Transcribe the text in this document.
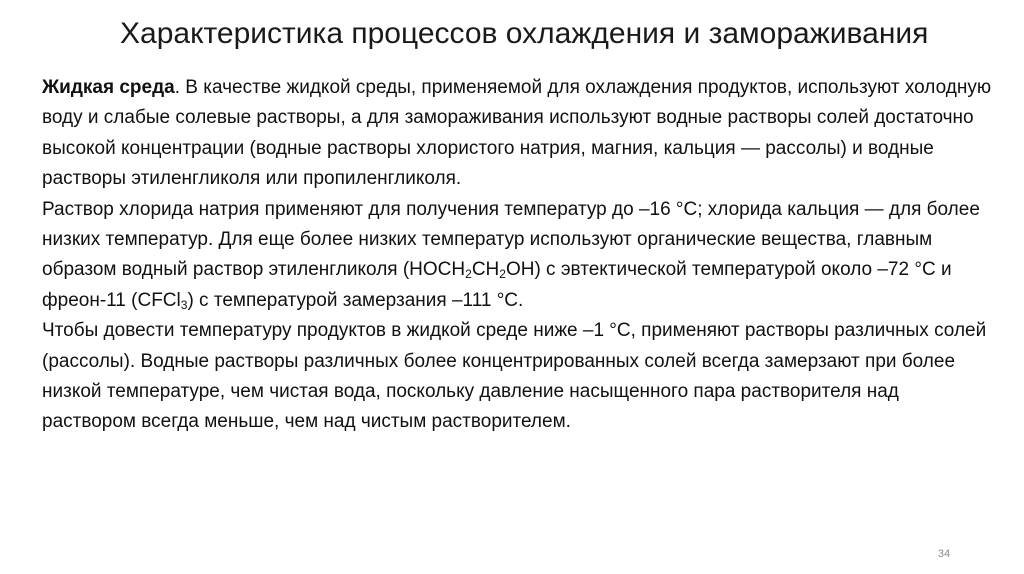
Характеристика процессов охлаждения и замораживания

Жидкая среда. В качестве жидкой среды, применяемой для охлаждения продуктов, используют холодную воду и слабые солевые растворы, а для замораживания используют водные растворы солей достаточно высокой концентрации (водные растворы хлористого натрия, магния, кальция — рассолы) и водные растворы этиленгликоля или пропиленгликоля.

Раствор хлорида натрия применяют для получения температур до –16 °С; хлорида кальция — для более низких температур. Для еще более низких температур используют органические вещества, главным образом водный раствор этиленгликоля $(HOCH_2CH_2OH)$ с эвтектической температурой около –72 °С и фреон-11 (CFCl$_3$) с температурой замерзания –111 °С.

Чтобы довести температуру продуктов в жидкой среде ниже –1 °С, применяют растворы различных солей (рассолы). Водные растворы различных более концентрированных солей всегда замерзают при более низкой температуре, чем чистая вода, поскольку давление насыщенного пара растворителя над раствором всегда меньше, чем над чистым растворителем.

34
